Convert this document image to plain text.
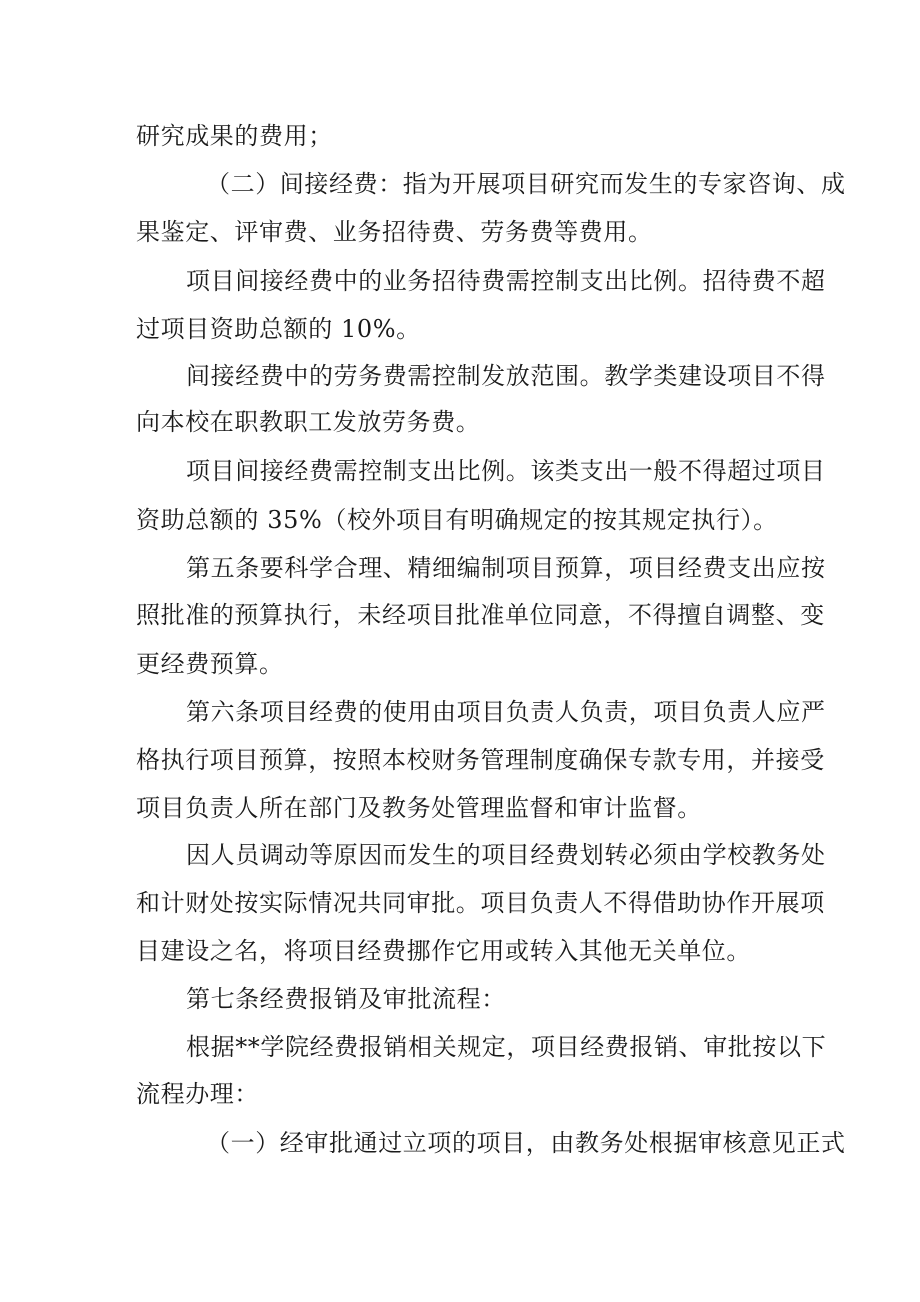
研究成果的费用；
（二）间接经费：指为开展项目研究而发生的专家咨询、成
果鉴定、评审费、业务招待费、劳务费等费用。
项目间接经费中的业务招待费需控制支出比例。招待费不超
过项目资助总额的 10%。
间接经费中的劳务费需控制发放范围。教学类建设项目不得
向本校在职教职工发放劳务费。
项目间接经费需控制支出比例。该类支出一般不得超过项目
资助总额的 35%（校外项目有明确规定的按其规定执行）。
第五条要科学合理、精细编制项目预算，项目经费支出应按
照批准的预算执行，未经项目批准单位同意，不得擅自调整、变
更经费预算。
第六条项目经费的使用由项目负责人负责，项目负责人应严
格执行项目预算，按照本校财务管理制度确保专款专用，并接受
项目负责人所在部门及教务处管理监督和审计监督。
因人员调动等原因而发生的项目经费划转必须由学校教务处
和计财处按实际情况共同审批。项目负责人不得借助协作开展项
目建设之名，将项目经费挪作它用或转入其他无关单位。
第七条经费报销及审批流程：
根据**学院经费报销相关规定，项目经费报销、审批按以下
流程办理：
（一）经审批通过立项的项目，由教务处根据审核意见正式
